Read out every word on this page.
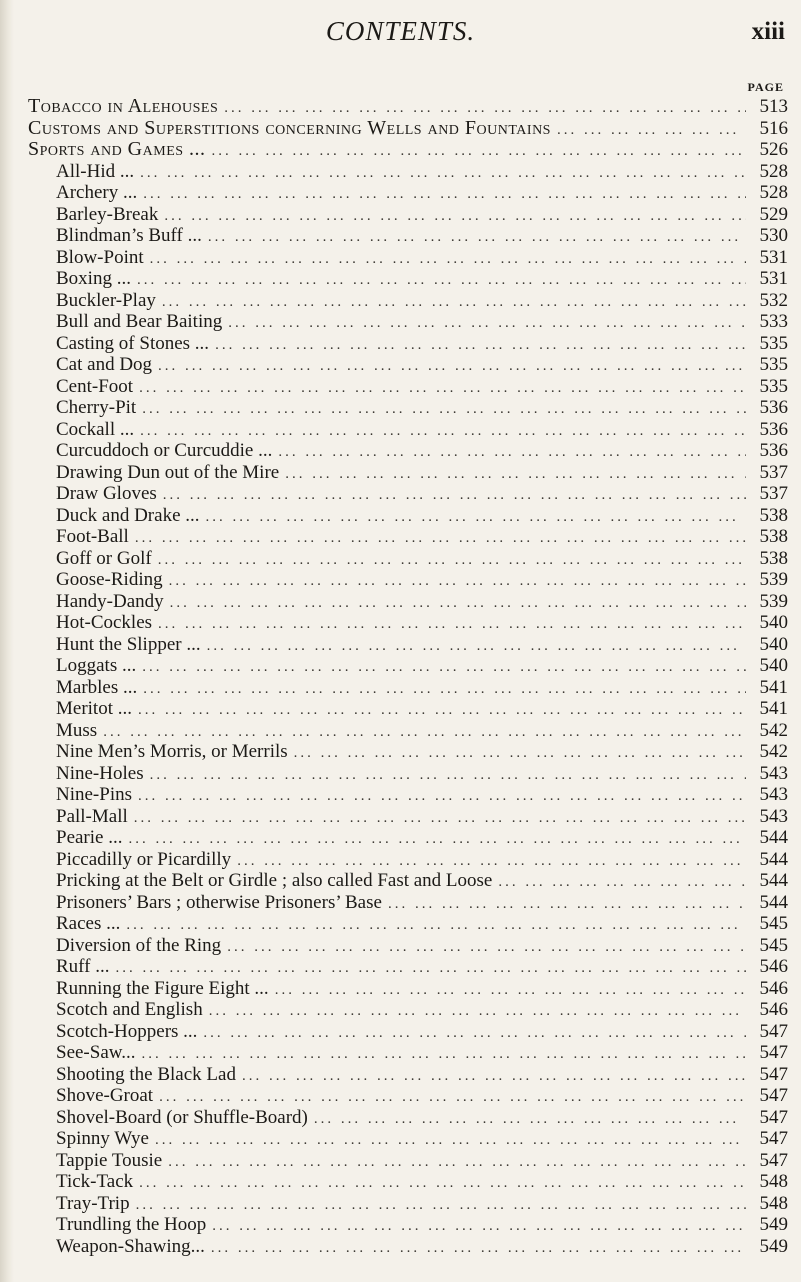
CONTENTS.	xiii
PAGE
Tobacco in Alehouses ... .	513
Customs and Superstitions concerning Wells and Fountains ... .	516
Sports and Games ... ... .	526
All-Hid ... ... .	528
Archery ... ... .	528
Barley-Break ... .	529
Blindman’s Buff ... ... .	530
Blow-Point ... .	531
Boxing ... ... .	531
Buckler-Play ... .	532
Bull and Bear Baiting ... .	533
Casting of Stones ... ... .	535
Cat and Dog ... .	535
Cent-Foot ... .	535
Cherry-Pit ... .	536
Cockall ... ... .	536
Curcuddoch or Curcuddie ... ... .	536
Drawing Dun out of the Mire ... .	537
Draw Gloves ... .	537
Duck and Drake ... ... .	538
Foot-Ball ... .	538
Goff or Golf ... .	538
Goose-Riding ... .	539
Handy-Dandy ... .	539
Hot-Cockles ... .	540
Hunt the Slipper ... ... .	540
Loggats ... ... .	540
Marbles ... ... .	541
Meritot ... ... .	541
Muss ... .	542
Nine Men’s Morris, or Merrils ... .	542
Nine-Holes ... .	543
Nine-Pins ... .	543
Pall-Mall ... .	543
Pearie ... ... .	544
Piccadilly or Picardilly ... .	544
Pricking at the Belt or Girdle ; also called Fast and Loose ... .	544
Prisoners’ Bars ; otherwise Prisoners’ Base ... .	544
Races ... ... .	545
Diversion of the Ring ... .	545
Ruff ... ... .	546
Running the Figure Eight ... ... .	546
Scotch and English ... .	546
Scotch-Hoppers ... ... .	547
See-Saw... ... .	547
Shooting the Black Lad ... .	547
Shove-Groat ... .	547
Shovel-Board (or Shuffle-Board) ... .	547
Spinny Wye ... .	547
Tappie Tousie ... .	547
Tick-Tack ... .	548
Tray-Trip ... .	548
Trundling the Hoop ... .	549
Weapon-Shawing... ... .	549
